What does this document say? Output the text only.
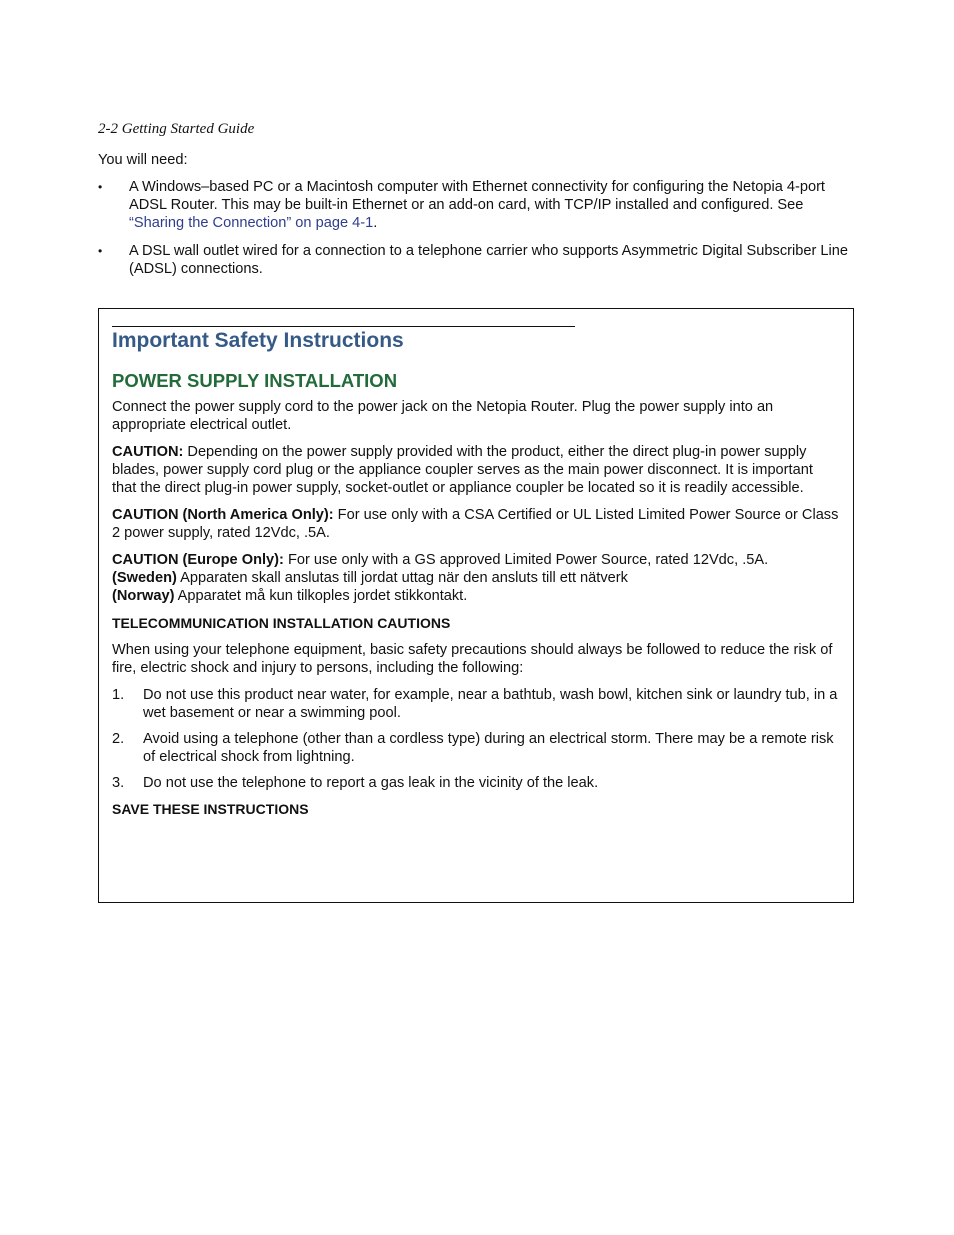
2-2 Getting Started Guide

You will need:

• A Windows–based PC or a Macintosh computer with Ethernet connectivity for configuring the Netopia 4-port ADSL Router. This may be built-in Ethernet or an add-on card, with TCP/IP installed and configured. See “Sharing the Connection” on page 4-1.
• A DSL wall outlet wired for a connection to a telephone carrier who supports Asymmetric Digital Subscriber Line (ADSL) connections.
Important Safety Instructions
POWER SUPPLY INSTALLATION

Connect the power supply cord to the power jack on the Netopia Router. Plug the power supply into an appropriate electrical outlet.

CAUTION: Depending on the power supply provided with the product, either the direct plug-in power supply blades, power supply cord plug or the appliance coupler serves as the main power disconnect. It is important that the direct plug-in power supply, socket-outlet or appliance coupler be located so it is readily accessible.

CAUTION (North America Only): For use only with a CSA Certified or UL Listed Limited Power Source or Class 2 power supply, rated 12Vdc, .5A.

CAUTION (Europe Only): For use only with a GS approved Limited Power Source, rated 12Vdc, .5A.
(Sweden) Apparaten skall anslutas till jordat uttag när den ansluts till ett nätverk
(Norway) Apparatet må kun tilkoples jordet stikkontakt.

TELECOMMUNICATION INSTALLATION CAUTIONS

When using your telephone equipment, basic safety precautions should always be followed to reduce the risk of fire, electric shock and injury to persons, including the following:

1. Do not use this product near water, for example, near a bathtub, wash bowl, kitchen sink or laundry tub, in a wet basement or near a swimming pool.
2. Avoid using a telephone (other than a cordless type) during an electrical storm. There may be a remote risk of electrical shock from lightning.
3. Do not use the telephone to report a gas leak in the vicinity of the leak.

SAVE THESE INSTRUCTIONS
